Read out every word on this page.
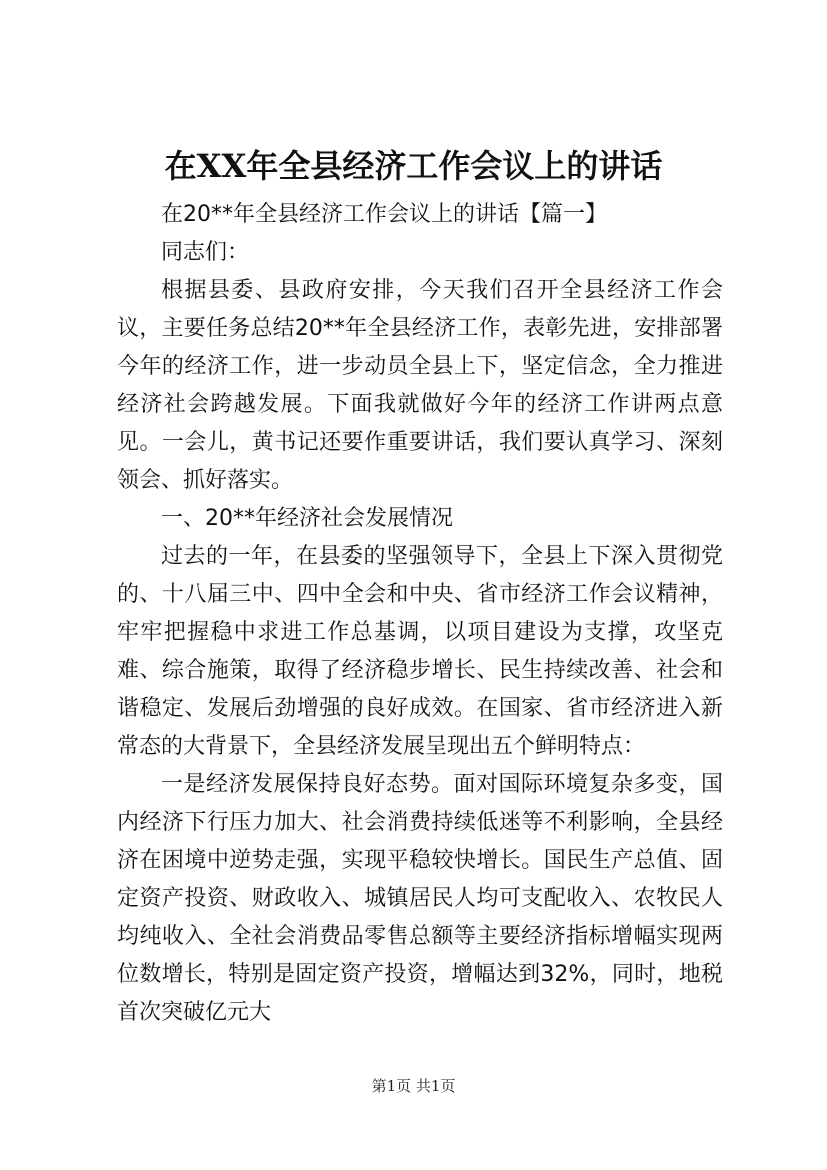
在XX年全县经济工作会议上的讲话

在20**年全县经济工作会议上的讲话【篇一】

同志们：

根据县委、县政府安排，今天我们召开全县经济工作会议，主要任务总结20**年全县经济工作，表彰先进，安排部署今年的经济工作，进一步动员全县上下，坚定信念，全力推进经济社会跨越发展。下面我就做好今年的经济工作讲两点意见。一会儿，黄书记还要作重要讲话，我们要认真学习、深刻领会、抓好落实。

一、20**年经济社会发展情况

过去的一年，在县委的坚强领导下，全县上下深入贯彻党的、十八届三中、四中全会和中央、省市经济工作会议精神，牢牢把握稳中求进工作总基调，以项目建设为支撑，攻坚克难、综合施策，取得了经济稳步增长、民生持续改善、社会和谐稳定、发展后劲增强的良好成效。在国家、省市经济进入新常态的大背景下，全县经济发展呈现出五个鲜明特点：

一是经济发展保持良好态势。面对国际环境复杂多变，国内经济下行压力加大、社会消费持续低迷等不利影响，全县经济在困境中逆势走强，实现平稳较快增长。国民生产总值、固定资产投资、财政收入、城镇居民人均可支配收入、农牧民人均纯收入、全社会消费品零售总额等主要经济指标增幅实现两位数增长，特别是固定资产投资，增幅达到32%，同时，地税首次突破亿元大

第1页 共1页
